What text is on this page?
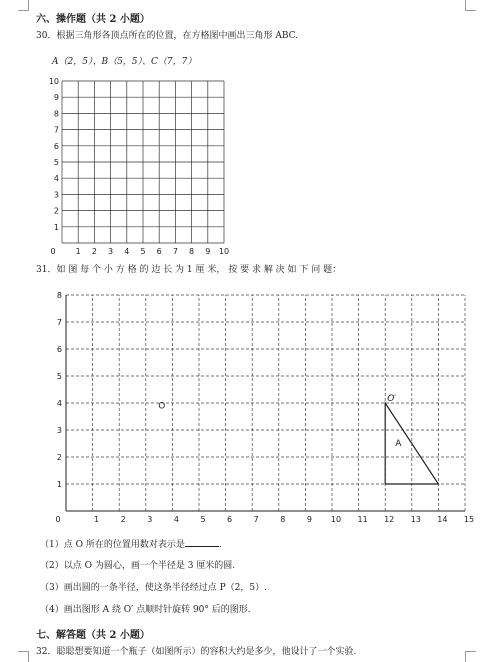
六、操作题（共 2 小题）
30．根据三角形各顶点所在的位置，在方格图中画出三角形 ABC.
A（2，5）、B（5，5）、C（7，7）
0	1 2 3 4 5 6 7 8 9 10
1
2
3
4
5
6
7
8
9
10
31．如 图 每 个 小 方 格 的 边 长 为 1 厘 米， 按 要 求 解 决 如 下 问 题：
0	1	2	3	4	5	6	7	8	9 10 11 12 13 14 15
1
2
3
4
5
6
7
8
O
A
O′
（1）点 O 所在的位置用数对表示是	.
（2）以点 O 为圆心，画一个半径是 3 厘米的圆.
（3）画出圆的一条半径，使这条半径经过点 P（2，5）.
（4）画出图形 A 绕 O′ 点顺时针旋转 90° 后的图形.
七、解答题（共 2 小题）
32．聪聪想要知道一个瓶子（如图所示）的容积大约是多少，他设计了一个实验.
